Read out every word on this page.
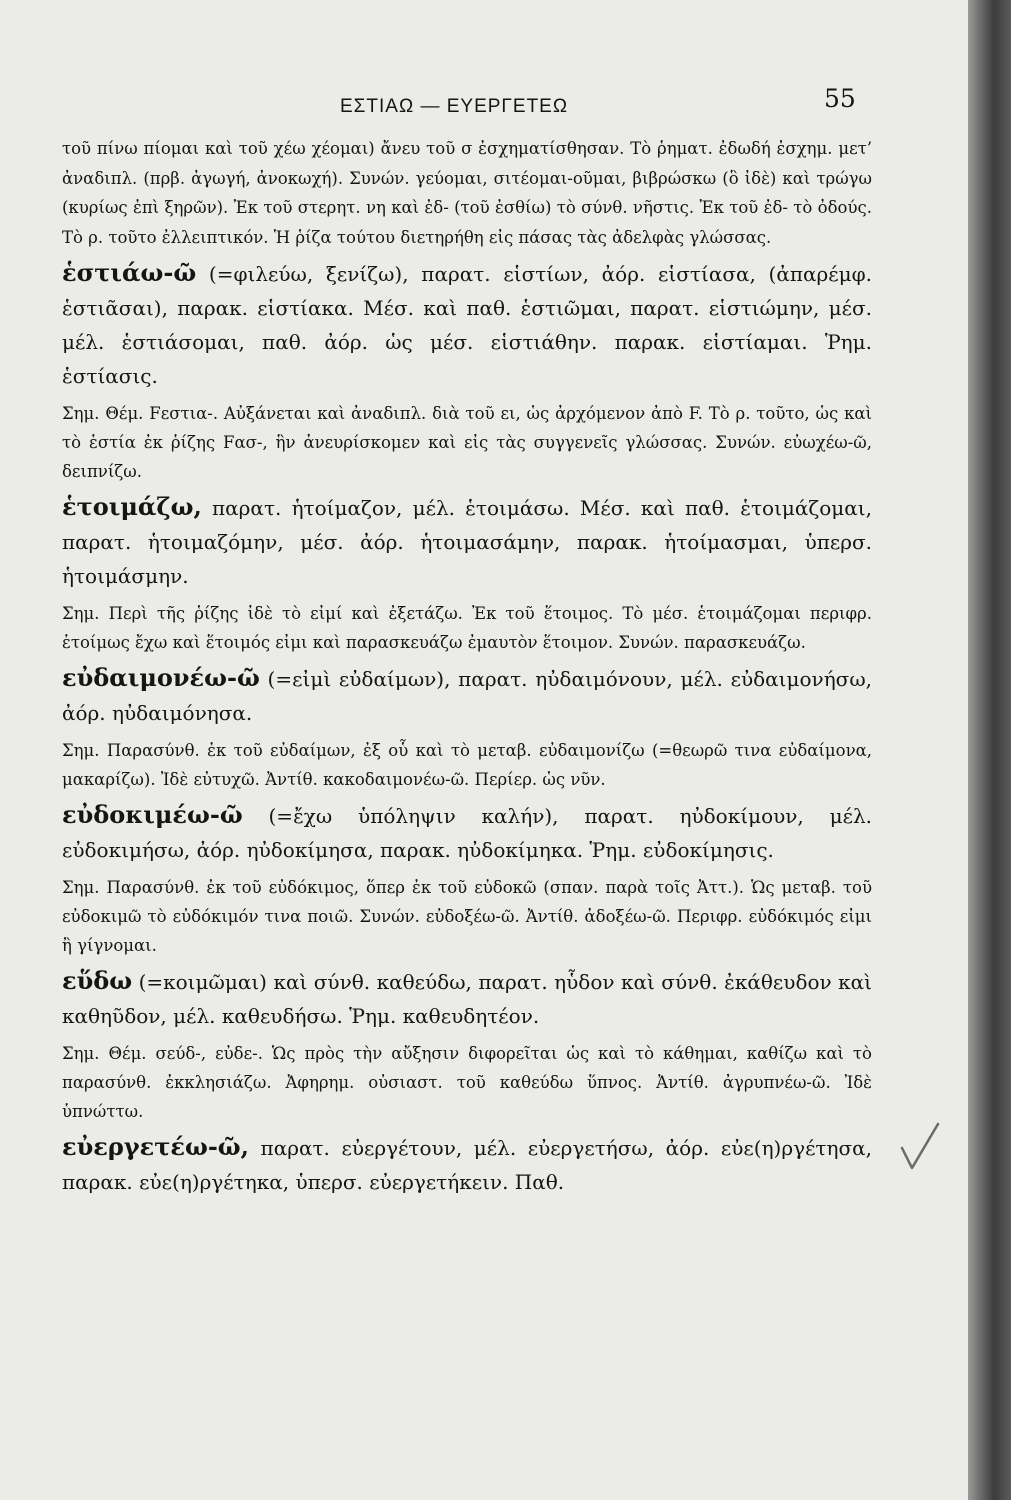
ΕΣΤΙΑΩ — ΕΥΕΡΓΕΤΕΩ	55

τοῦ πίνω πίομαι καὶ τοῦ χέω χέομαι) ἄνευ τοῦ σ ἐσχηματίσθησαν. Τὸ ῥηματ. ἐδωδή ἐσχημ. μετ’ ἀναδιπλ. (πρβ. ἀγωγή, ἀνοκωχή). Συνών. γεύομαι, σιτέομαι-οῦμαι, βιβρώσκω (ὃ ἰδὲ) καὶ τρώγω (κυρίως ἐπὶ ξηρῶν). Ἐκ τοῦ στερητ. νη καὶ ἐδ- (τοῦ ἐσθίω) τὸ σύνθ. νῆστις. Ἐκ τοῦ ἐδ- τὸ ὀδούς. Τὸ ρ. τοῦτο ἐλλειπτικόν. Ἡ ῥίζα τούτου διετηρήθη εἰς πάσας τὰς ἀδελφὰς γλώσσας.

ἑστιάω-ῶ (=φιλεύω, ξενίζω), παρατ. εἱστίων, ἀόρ. εἱστίασα, (ἀπαρέμφ. ἑστιᾶσαι), παρακ. εἱστίακα. Μέσ. καὶ παθ. ἑστιῶμαι, παρατ. εἱστιώμην, μέσ. μέλ. ἑστιάσομαι, παθ. ἀόρ. ὡς μέσ. εἱστιάθην. παρακ. εἱστίαμαι. Ῥημ. ἑστίασις.

Σημ. Θέμ. Fεστια-. Αὐξάνεται καὶ ἀναδιπλ. διὰ τοῦ ει, ὡς ἀρχόμενον ἀπὸ F. Τὸ ρ. τοῦτο, ὡς καὶ τὸ ἑστία ἐκ ῥίζης Fασ-, ἣν ἀνευρίσκομεν καὶ εἰς τὰς συγγενεῖς γλώσσας. Συνών. εὐωχέω-ῶ, δειπνίζω.

ἑτοιμάζω, παρατ. ἡτοίμαζον, μέλ. ἑτοιμάσω. Μέσ. καὶ παθ. ἑτοιμάζομαι, παρατ. ἡτοιμαζόμην, μέσ. ἀόρ. ἡτοιμασάμην, παρακ. ἡτοίμασμαι, ὑπερσ. ἡτοιμάσμην.

Σημ. Περὶ τῆς ῥίζης ἰδὲ τὸ εἰμί καὶ ἐξετάζω. Ἐκ τοῦ ἕτοιμος. Τὸ μέσ. ἑτοιμάζομαι περιφρ. ἑτοίμως ἔχω καὶ ἕτοιμός εἰμι καὶ παρασκευάζω ἐμαυτὸν ἕτοιμον. Συνών. παρασκευάζω.

εὐδαιμονέω-ῶ (=εἰμὶ εὐδαίμων), παρατ. ηὐδαιμόνουν, μέλ. εὐδαιμονήσω, ἀόρ. ηὐδαιμόνησα.

Σημ. Παρασύνθ. ἐκ τοῦ εὐδαίμων, ἐξ οὗ καὶ τὸ μεταβ. εὐδαιμονίζω (=θεωρῶ τινα εὐδαίμονα, μακαρίζω). Ἰδὲ εὐτυχῶ. Ἀντίθ. κακοδαιμονέω-ῶ. Περίερ. ὡς νῦν.

εὐδοκιμέω-ῶ (=ἔχω ὑπόληψιν καλήν), παρατ. ηὐδοκίμουν, μέλ. εὐδοκιμήσω, ἀόρ. ηὐδοκίμησα, παρακ. ηὐδοκίμηκα. Ῥημ. εὐδοκίμησις.

Σημ. Παρασύνθ. ἐκ τοῦ εὐδόκιμος, ὅπερ ἐκ τοῦ εὐδοκῶ (σπαν. παρὰ τοῖς Ἀττ.). Ὡς μεταβ. τοῦ εὐδοκιμῶ τὸ εὐδόκιμόν τινα ποιῶ. Συνών. εὐδοξέω-ῶ. Ἀντίθ. ἀδοξέω-ῶ. Περιφρ. εὐδόκιμός εἰμι ἢ γίγνομαι.

εὕδω (=κοιμῶμαι) καὶ σύνθ. καθεύδω, παρατ. ηὗδον καὶ σύνθ. ἐκάθευδον καὶ καθηῦδον, μέλ. καθευδήσω. Ῥημ. καθευδητέον.

Σημ. Θέμ. σεύδ-, εὐδε-. Ὡς πρὸς τὴν αὔξησιν διφορεῖται ὡς καὶ τὸ κάθημαι, καθίζω καὶ τὸ παρασύνθ. ἐκκλησιάζω. Ἀφηρημ. οὐσιαστ. τοῦ καθεύδω ὕπνος. Ἀντίθ. ἀγρυπνέω-ῶ. Ἰδὲ ὑπνώττω.

εὐεργετέω-ῶ, παρατ. εὐεργέτουν, μέλ. εὐεργετήσω, ἀόρ. εὐε(η)ργέτησα, παρακ. εὐε(η)ργέτηκα, ὑπερσ. εὐεργετήκειν. Παθ.
